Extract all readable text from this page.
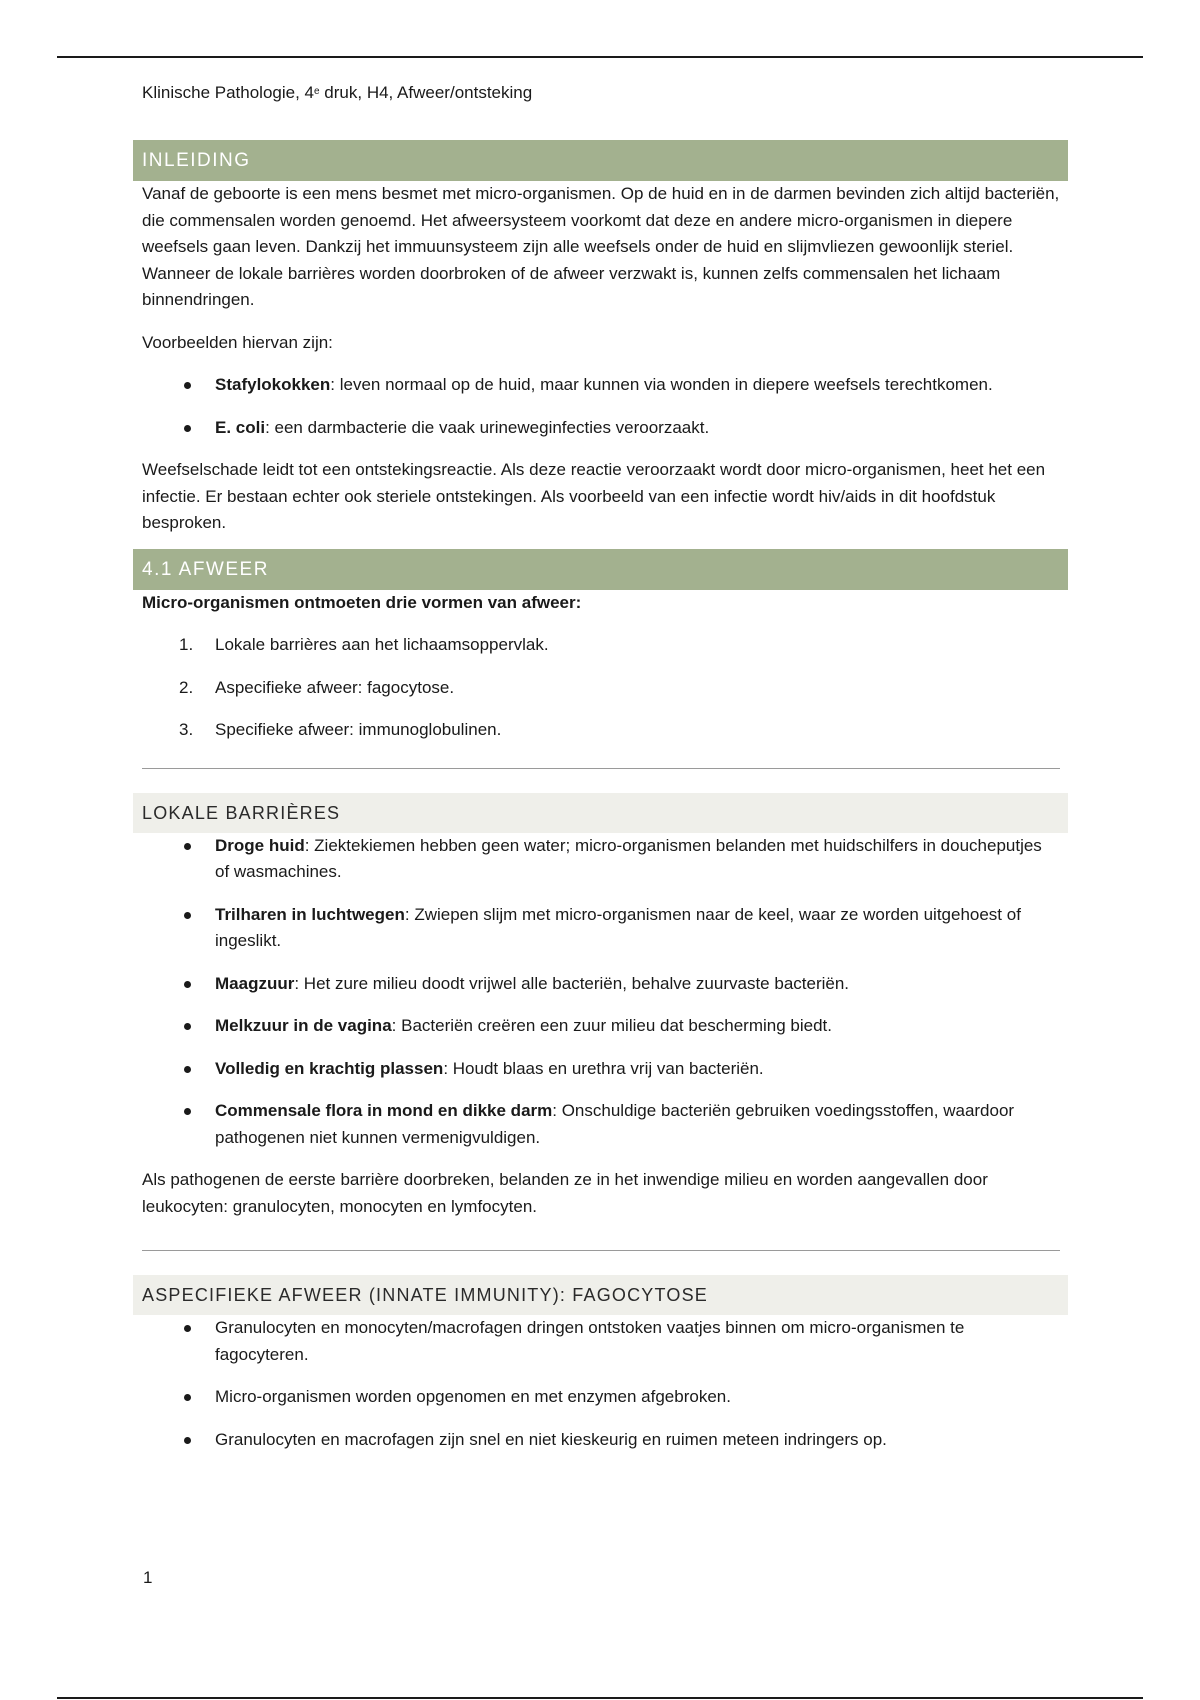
Klinische Pathologie, 4e druk, H4, Afweer/ontsteking
INLEIDING

Vanaf de geboorte is een mens besmet met micro-organismen. Op de huid en in de darmen bevinden zich altijd bacteriën, die commensalen worden genoemd. Het afweersysteem voorkomt dat deze en andere micro-organismen in diepere weefsels gaan leven. Dankzij het immuunsysteem zijn alle weefsels onder de huid en slijmvliezen gewoonlijk steriel. Wanneer de lokale barrières worden doorbroken of de afweer verzwakt is, kunnen zelfs commensalen het lichaam binnendringen.

Voorbeelden hiervan zijn:

Stafylokokken: leven normaal op de huid, maar kunnen via wonden in diepere weefsels terechtkomen.
E. coli: een darmbacterie die vaak urineweginfecties veroorzaakt.

Weefselschade leidt tot een ontstekingsreactie. Als deze reactie veroorzaakt wordt door micro-organismen, heet het een infectie. Er bestaan echter ook steriele ontstekingen. Als voorbeeld van een infectie wordt hiv/aids in dit hoofdstuk besproken.

4.1 AFWEER

Micro-organismen ontmoeten drie vormen van afweer:

1. Lokale barrières aan het lichaamsoppervlak.
2. Aspecifieke afweer: fagocytose.
3. Specifieke afweer: immunoglobulinen.
LOKALE BARRIÈRES
Droge huid: Ziektekiemen hebben geen water; micro-organismen belanden met huidschilfers in doucheputjes of wasmachines.
Trilharen in luchtwegen: Zwiepen slijm met micro-organismen naar de keel, waar ze worden uitgehoest of ingeslikt.
Maagzuur: Het zure milieu doodt vrijwel alle bacteriën, behalve zuurvaste bacteriën.
Melkzuur in de vagina: Bacteriën creëren een zuur milieu dat bescherming biedt.
Volledig en krachtig plassen: Houdt blaas en urethra vrij van bacteriën.
Commensale flora in mond en dikke darm: Onschuldige bacteriën gebruiken voedingsstoffen, waardoor pathogenen niet kunnen vermenigvuldigen.

Als pathogenen de eerste barrière doorbreken, belanden ze in het inwendige milieu en worden aangevallen door leukocyten: granulocyten, monocyten en lymfocyten.

ASPECIFIEKE AFWEER (INNATE IMMUNITY): FAGOCYTOSE
Granulocyten en monocyten/macrofagen dringen ontstoken vaatjes binnen om micro-organismen te fagocyteren.
Micro-organismen worden opgenomen en met enzymen afgebroken.
Granulocyten en macrofagen zijn snel en niet kieskeurig en ruimen meteen indringers op.
1
